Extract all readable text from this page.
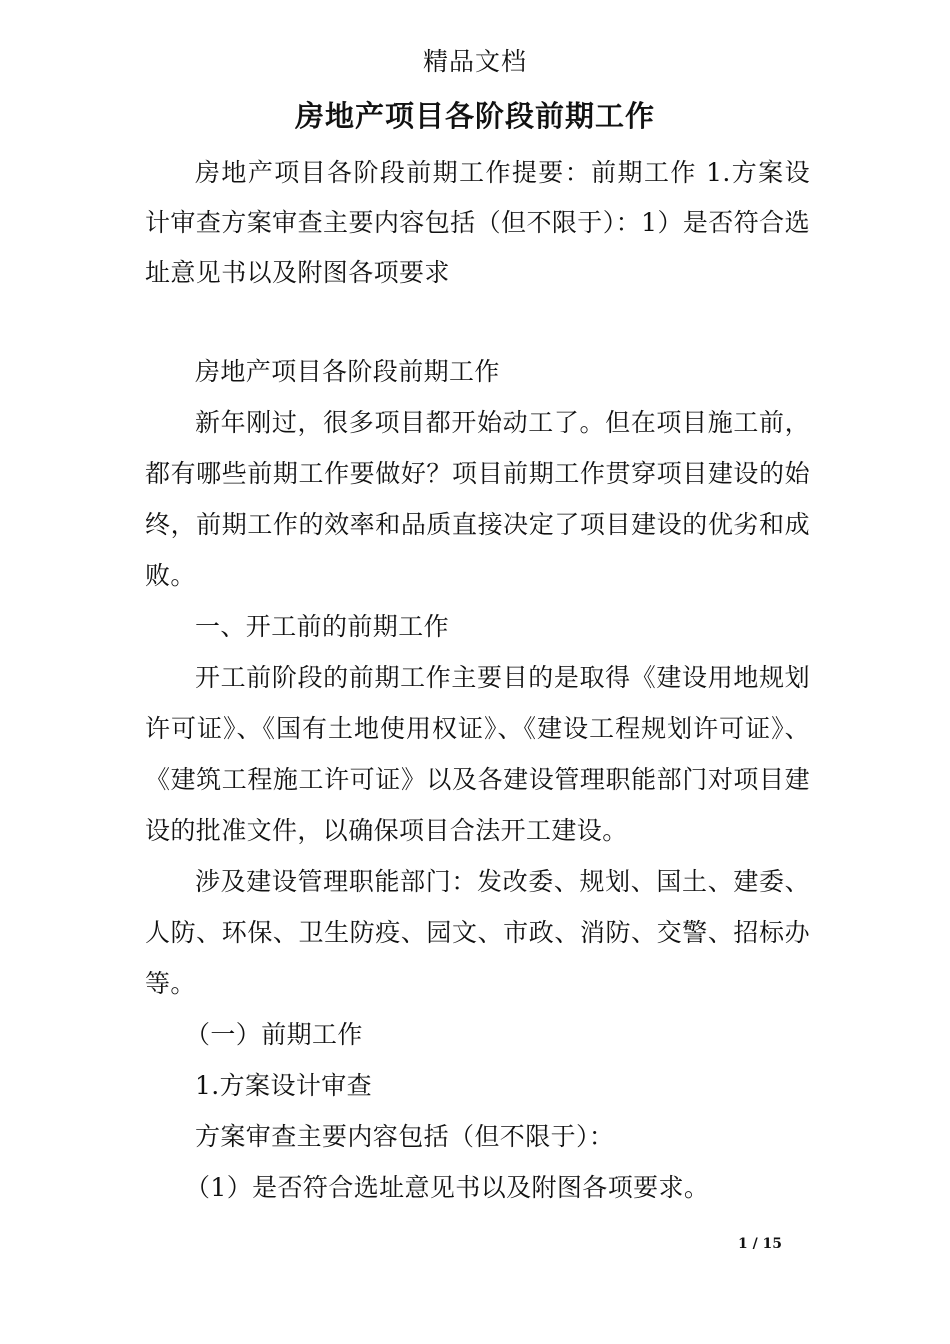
精品文档
房地产项目各阶段前期工作

房地产项目各阶段前期工作提要：前期工作 1.方案设计审查方案审查主要内容包括（但不限于）：1）是否符合选址意见书以及附图各项要求

房地产项目各阶段前期工作

新年刚过，很多项目都开始动工了。但在项目施工前，都有哪些前期工作要做好？项目前期工作贯穿项目建设的始终，前期工作的效率和品质直接决定了项目建设的优劣和成败。

一、开工前的前期工作

开工前阶段的前期工作主要目的是取得《建设用地规划许可证》、《国有土地使用权证》、《建设工程规划许可证》、《建筑工程施工许可证》以及各建设管理职能部门对项目建设的批准文件，以确保项目合法开工建设。

涉及建设管理职能部门：发改委、规划、国土、建委、人防、环保、卫生防疫、园文、市政、消防、交警、招标办等。

（一）前期工作

1.方案设计审查

方案审查主要内容包括（但不限于）：

（1）是否符合选址意见书以及附图各项要求。

1 / 15
